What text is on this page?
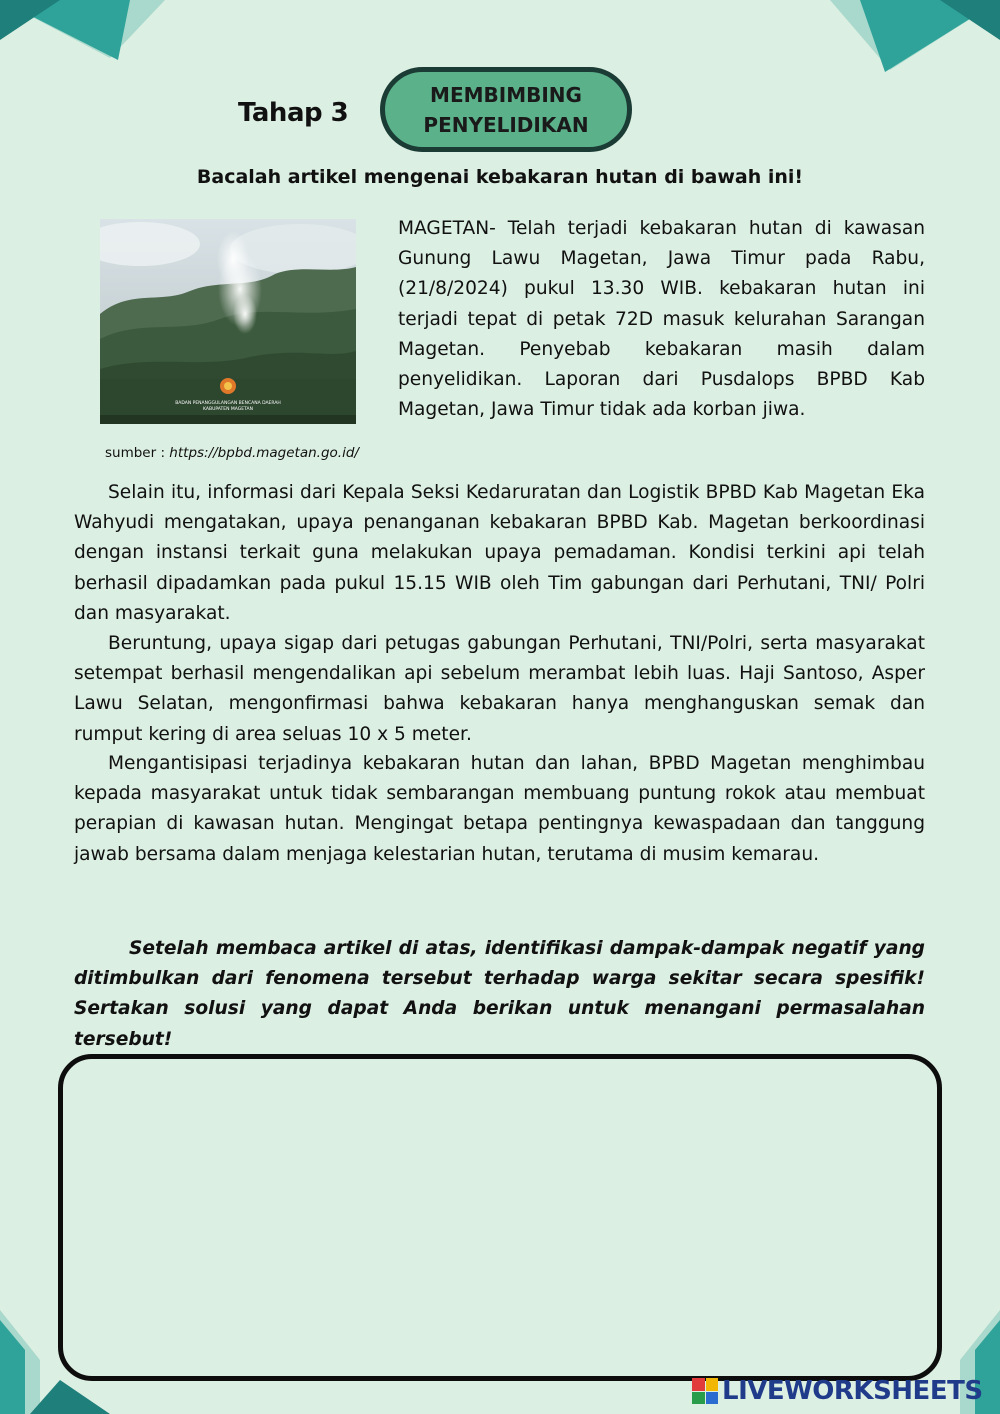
Tahap 3
MEMBIMBING
PENYELIDIKAN
Bacalah artikel mengenai kebakaran hutan di bawah ini!
BADAN PENANGGULANGAN BENCANA DAERAH
KABUPATEN MAGETAN
sumber : https://bpbd.magetan.go.id/

MAGETAN- Telah terjadi kebakaran hutan di kawasan Gunung Lawu Magetan, Jawa Timur pada Rabu, (21/8/2024) pukul 13.30 WIB. kebakaran hutan ini terjadi tepat di petak 72D masuk kelurahan Sarangan Magetan. Penyebab kebakaran masih dalam penyelidikan. Laporan dari Pusdalops BPBD Kab Magetan, Jawa Timur tidak ada korban jiwa.

Selain itu, informasi dari Kepala Seksi Kedaruratan dan Logistik BPBD Kab Magetan Eka Wahyudi mengatakan, upaya penanganan kebakaran BPBD Kab. Magetan berkoordinasi dengan instansi terkait guna melakukan upaya pemadaman. Kondisi terkini api telah berhasil dipadamkan pada pukul 15.15 WIB oleh Tim gabungan dari Perhutani, TNI/ Polri dan masyarakat.

Beruntung, upaya sigap dari petugas gabungan Perhutani, TNI/Polri, serta masyarakat setempat berhasil mengendalikan api sebelum merambat lebih luas. Haji Santoso, Asper Lawu Selatan, mengonfirmasi bahwa kebakaran hanya menghanguskan semak dan rumput kering di area seluas 10 x 5 meter.

Mengantisipasi terjadinya kebakaran hutan dan lahan, BPBD Magetan menghimbau kepada masyarakat untuk tidak sembarangan membuang puntung rokok atau membuat perapian di kawasan hutan. Mengingat betapa pentingnya kewaspadaan dan tanggung jawab bersama dalam menjaga kelestarian hutan, terutama di musim kemarau.

Setelah membaca artikel di atas, identifikasi dampak-dampak negatif yang ditimbulkan dari fenomena tersebut terhadap warga sekitar secara spesifik! Sertakan solusi yang dapat Anda berikan untuk menangani permasalahan tersebut!

LIVEWORKSHEETS
